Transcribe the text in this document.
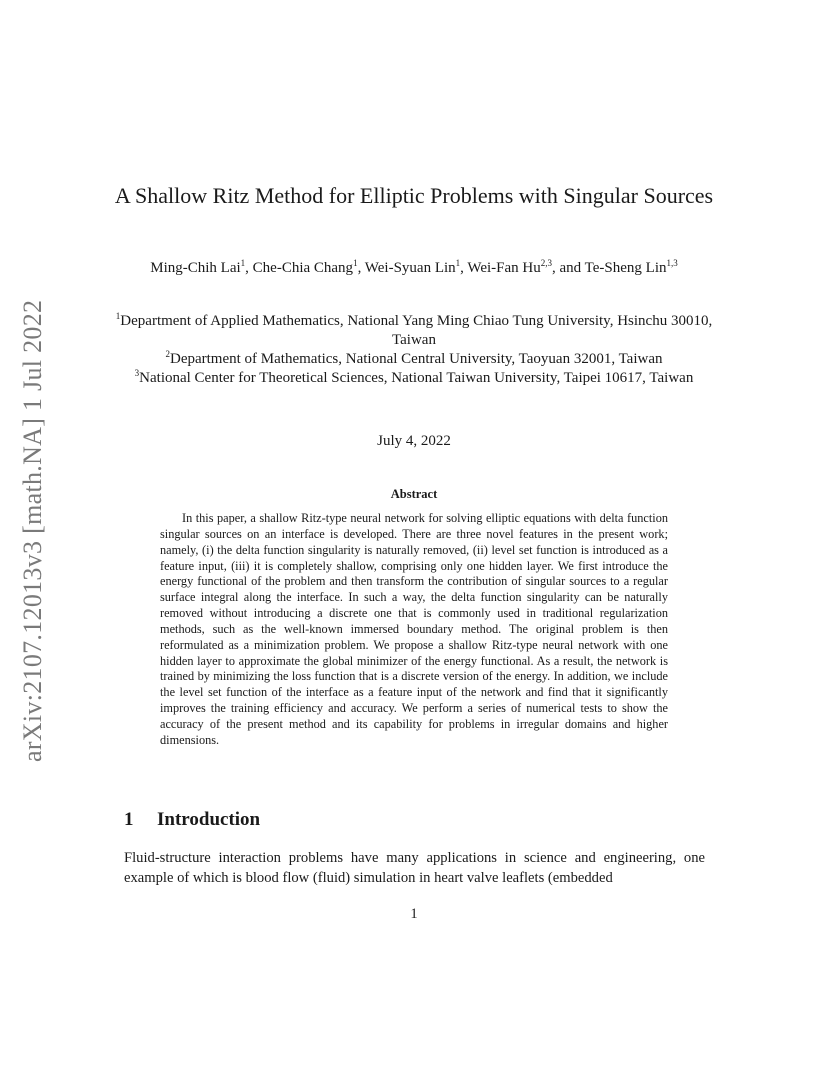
arXiv:2107.12013v3 [math.NA] 1 Jul 2022
A Shallow Ritz Method for Elliptic Problems with Singular Sources
Ming-Chih Lai$^1$, Che-Chia Chang$^1$, Wei-Syuan Lin$^1$, Wei-Fan Hu$^{2,3}$, and Te-Sheng Lin$^{1,3}$
$^1$Department of Applied Mathematics, National Yang Ming Chiao Tung University, Hsinchu 30010, Taiwan
$^2$Department of Mathematics, National Central University, Taoyuan 32001, Taiwan
$^3$National Center for Theoretical Sciences, National Taiwan University, Taipei 10617, Taiwan
July 4, 2022
Abstract
In this paper, a shallow Ritz-type neural network for solving elliptic equations with delta function singular sources on an interface is developed. There are three novel features in the present work; namely, (i) the delta function singularity is naturally removed, (ii) level set function is introduced as a feature input, (iii) it is completely shallow, comprising only one hidden layer. We first introduce the energy functional of the problem and then transform the contribution of singular sources to a regular surface integral along the interface. In such a way, the delta function singularity can be naturally removed without introducing a discrete one that is commonly used in traditional regularization methods, such as the well-known immersed boundary method. The original problem is then reformulated as a minimization problem. We propose a shallow Ritz-type neural network with one hidden layer to approximate the global minimizer of the energy functional. As a result, the network is trained by minimizing the loss function that is a discrete version of the energy. In addition, we include the level set function of the interface as a feature input of the network and find that it significantly improves the training efficiency and accuracy. We perform a series of numerical tests to show the accuracy of the present method and its capability for problems in irregular domains and higher dimensions.
1 Introduction
Fluid-structure interaction problems have many applications in science and engineering, one example of which is blood flow (fluid) simulation in heart valve leaflets (embedded
1
